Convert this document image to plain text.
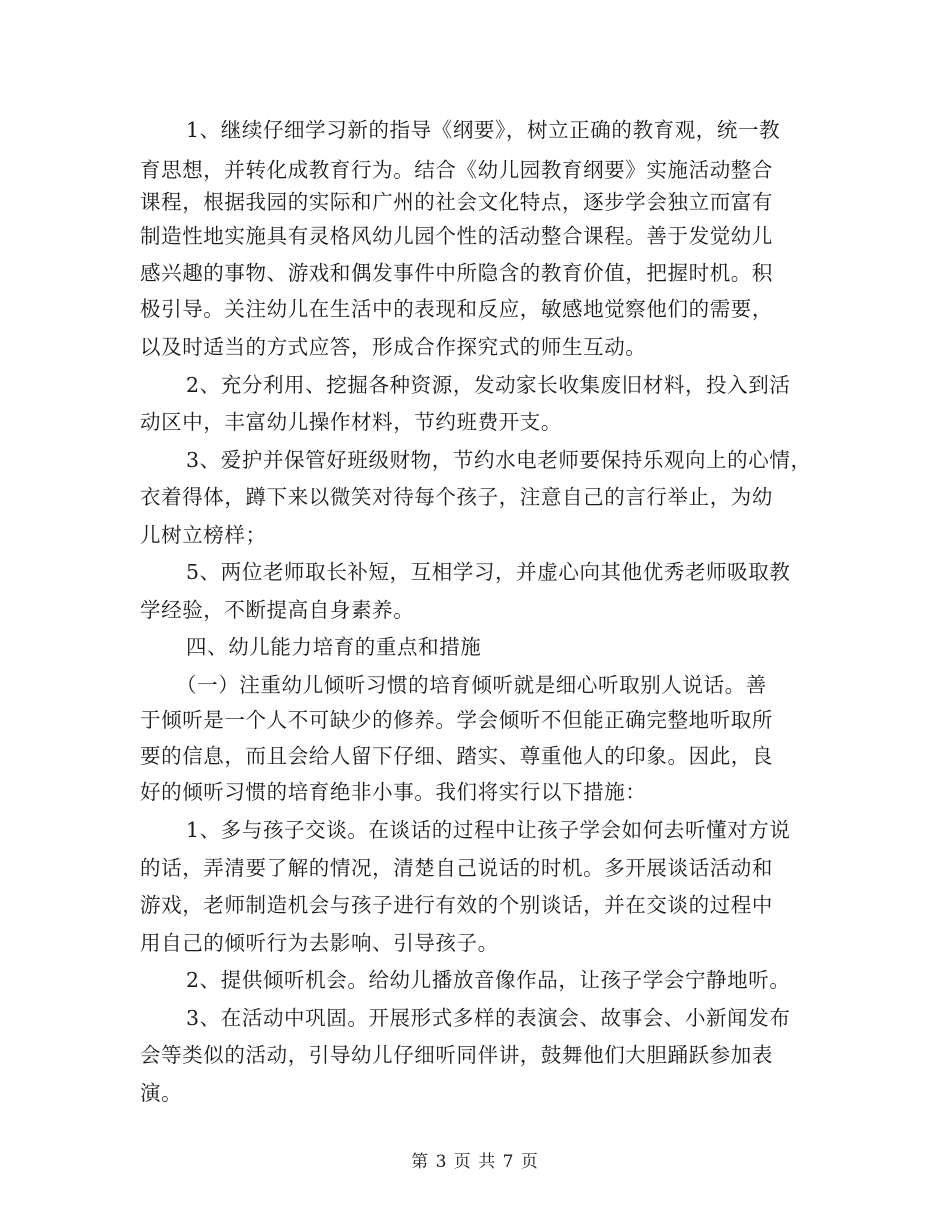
1、继续仔细学习新的指导《纲要》，树立正确的教育观，统一教
育思想，并转化成教育行为。结合《幼儿园教育纲要》实施活动整合
课程，根据我园的实际和广州的社会文化特点，逐步学会独立而富有
制造性地实施具有灵格风幼儿园个性的活动整合课程。善于发觉幼儿
感兴趣的事物、游戏和偶发事件中所隐含的教育价值，把握时机。积
极引导。关注幼儿在生活中的表现和反应，敏感地觉察他们的需要，
以及时适当的方式应答，形成合作探究式的师生互动。
2、充分利用、挖掘各种资源，发动家长收集废旧材料，投入到活
动区中，丰富幼儿操作材料，节约班费开支。
3、爱护并保管好班级财物，节约水电老师要保持乐观向上的心情，
衣着得体，蹲下来以微笑对待每个孩子，注意自己的言行举止，为幼
儿树立榜样；
5、两位老师取长补短，互相学习，并虚心向其他优秀老师吸取教
学经验，不断提高自身素养。
四、幼儿能力培育的重点和措施
（一）注重幼儿倾听习惯的培育倾听就是细心听取别人说话。善
于倾听是一个人不可缺少的修养。学会倾听不但能正确完整地听取所
要的信息，而且会给人留下仔细、踏实、尊重他人的印象。因此，良
好的倾听习惯的培育绝非小事。我们将实行以下措施：
1、多与孩子交谈。在谈话的过程中让孩子学会如何去听懂对方说
的话，弄清要了解的情况，清楚自己说话的时机。多开展谈话活动和
游戏，老师制造机会与孩子进行有效的个别谈话，并在交谈的过程中
用自己的倾听行为去影响、引导孩子。
2、提供倾听机会。给幼儿播放音像作品，让孩子学会宁静地听。
3、在活动中巩固。开展形式多样的表演会、故事会、小新闻发布
会等类似的活动，引导幼儿仔细听同伴讲，鼓舞他们大胆踊跃参加表
演。
第 3 页 共 7 页
